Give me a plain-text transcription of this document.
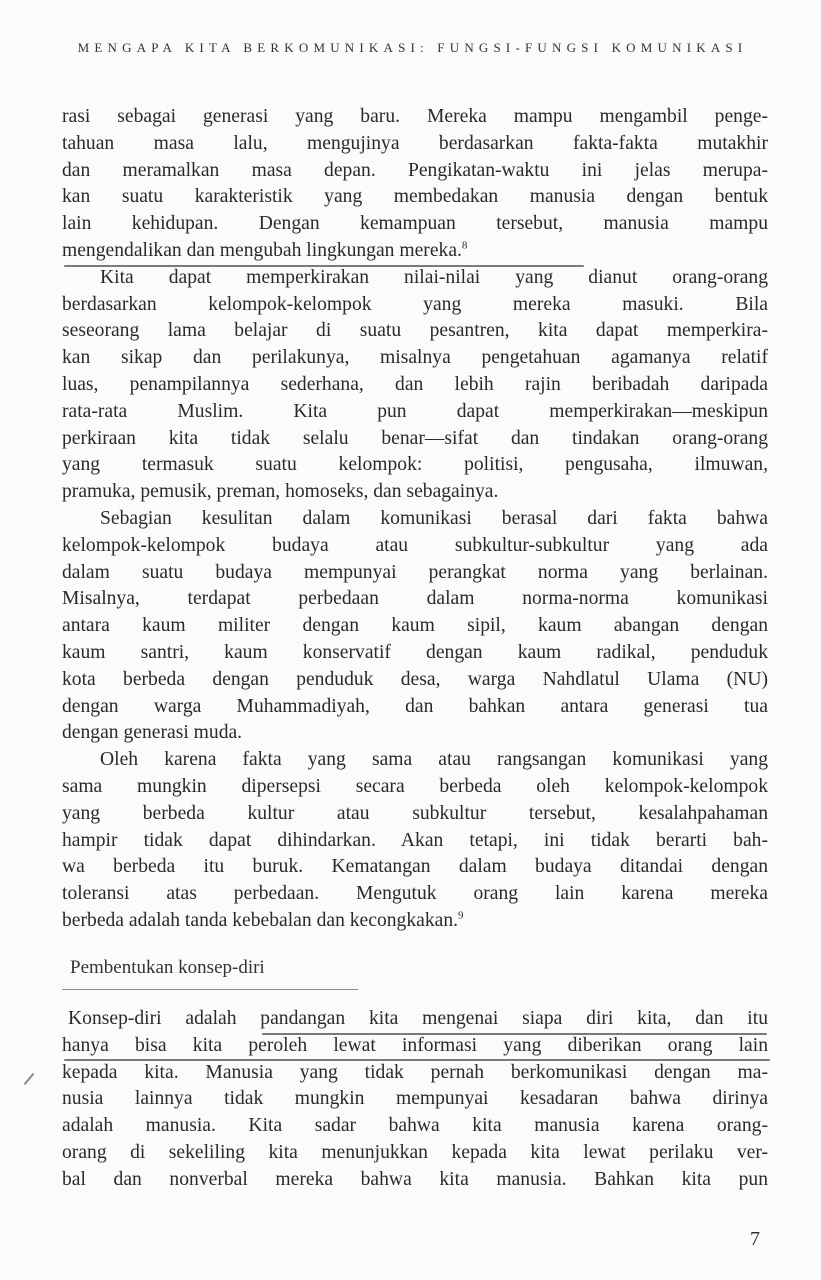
MENGAPA KITA BERKOMUNIKASI: FUNGSI-FUNGSI KOMUNIKASI
rasi sebagai generasi yang baru. Mereka mampu mengambil penge-
tahuan masa lalu, mengujinya berdasarkan fakta-fakta mutakhir
dan meramalkan masa depan. Pengikatan-waktu ini jelas merupa-
kan suatu karakteristik yang membedakan manusia dengan bentuk
lain kehidupan. Dengan kemampuan tersebut, manusia mampu
mengendalikan dan mengubah lingkungan mereka.$^8$
Kita dapat memperkirakan nilai-nilai yang dianut orang-orang
berdasarkan kelompok-kelompok yang mereka masuki. Bila
seseorang lama belajar di suatu pesantren, kita dapat memperkira-
kan sikap dan perilakunya, misalnya pengetahuan agamanya relatif
luas, penampilannya sederhana, dan lebih rajin beribadah daripada
rata-rata Muslim. Kita pun dapat memperkirakan—meskipun
perkiraan kita tidak selalu benar—sifat dan tindakan orang-orang
yang termasuk suatu kelompok: politisi, pengusaha, ilmuwan,
pramuka, pemusik, preman, homoseks, dan sebagainya.
Sebagian kesulitan dalam komunikasi berasal dari fakta bahwa
kelompok-kelompok budaya atau subkultur-subkultur yang ada
dalam suatu budaya mempunyai perangkat norma yang berlainan.
Misalnya, terdapat perbedaan dalam norma-norma komunikasi
antara kaum militer dengan kaum sipil, kaum abangan dengan
kaum santri, kaum konservatif dengan kaum radikal, penduduk
kota berbeda dengan penduduk desa, warga Nahdlatul Ulama (NU)
dengan warga Muhammadiyah, dan bahkan antara generasi tua
dengan generasi muda.
Oleh karena fakta yang sama atau rangsangan komunikasi yang
sama mungkin dipersepsi secara berbeda oleh kelompok-kelompok
yang berbeda kultur atau subkultur tersebut, kesalahpahaman
hampir tidak dapat dihindarkan. Akan tetapi, ini tidak berarti bah-
wa berbeda itu buruk. Kematangan dalam budaya ditandai dengan
toleransi atas perbedaan. Mengutuk orang lain karena mereka
berbeda adalah tanda kebebalan dan kecongkakan.$^9$
Pembentukan konsep-diri
Konsep-diri adalah pandangan kita mengenai siapa diri kita, dan itu
hanya bisa kita peroleh lewat informasi yang diberikan orang lain
kepada kita. Manusia yang tidak pernah berkomunikasi dengan ma-
nusia lainnya tidak mungkin mempunyai kesadaran bahwa dirinya
adalah manusia. Kita sadar bahwa kita manusia karena orang-
orang di sekeliling kita menunjukkan kepada kita lewat perilaku ver-
bal dan nonverbal mereka bahwa kita manusia. Bahkan kita pun
7
